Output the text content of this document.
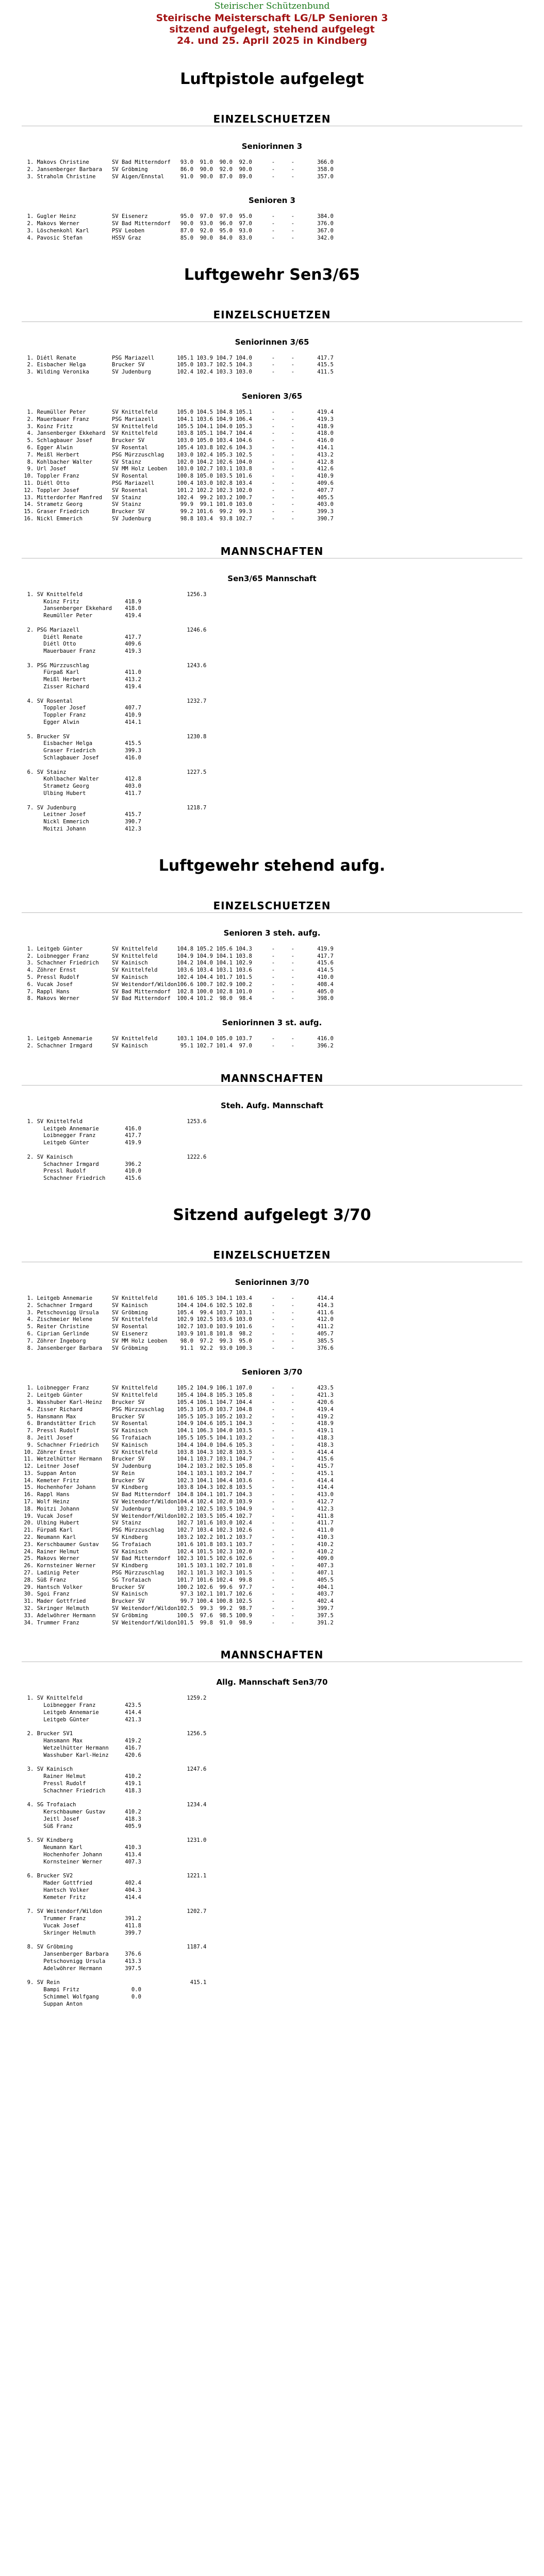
Steirischer Schützenbund
Steirische Meisterschaft LG/LP Senioren 3
sitzend aufgelegt, stehend aufgelegt
24. und 25. April 2025 in Kindberg
Luftpistole aufgelegt
EINZELSCHUETZEN
Seniorinnen 3
1. Makovs Christine       SV Bad Mitterndorf   93.0  91.0  90.0  92.0      -     -       366.0
2. Jansenberger Barbara   SV Gröbming          86.0  90.0  92.0  90.0      -     -       358.0
3. Straholm Christine     SV Aigen/Ennstal     91.0  90.0  87.0  89.0      -     -       357.0
Senioren 3
1. Gugler Heinz           SV Eisenerz          95.0  97.0  97.0  95.0      -     -       384.0
2. Makovs Werner          SV Bad Mitterndorf   90.0  93.0  96.0  97.0      -     -       376.0
3. Löschenkohl Karl       PSV Leoben           87.0  92.0  95.0  93.0      -     -       367.0
4. Pavosic Stefan         HSSV Graz            85.0  90.0  84.0  83.0      -     -       342.0
Luftgewehr Sen3/65
EINZELSCHUETZEN
Seniorinnen 3/65
1. Diétl Renate           PSG Mariazell       105.1 103.9 104.7 104.0      -     -       417.7
2. Eisbacher Helga        Brucker SV          105.0 103.7 102.5 104.3      -     -       415.5
3. Wilding Veronika       SV Judenburg        102.4 102.4 103.3 103.0      -     -       411.5
Senioren 3/65
1. Reumüller Peter        SV Knittelfeld      105.0 104.5 104.8 105.1      -     -       419.4
2. Mauerbauer Franz       PSG Mariazell       104.1 103.6 104.9 106.4      -     -       419.3
3. Koinz Fritz            SV Knittelfeld      105.5 104.1 104.0 105.3      -     -       418.9
4. Jansenberger Ekkehard  SV Knittelfeld      103.8 105.1 104.7 104.4      -     -       418.0
5. Schlagbauer Josef      Brucker SV          103.0 105.0 103.4 104.6      -     -       416.0
6. Egger Alwin            SV Rosental         105.4 103.8 102.6 104.3      -     -       414.1
7. Meißl Herbert          PSG Mürzzuschlag    103.0 102.4 105.3 102.5      -     -       413.2
8. Kohlbacher Walter      SV Stainz           102.0 104.2 102.6 104.0      -     -       412.8
9. Url Josef              SV MM Holz Leoben   103.0 102.7 103.1 103.8      -     -       412.6
10. Toppler Franz          SV Rosental         100.8 105.0 103.5 101.6      -     -       410.9
11. Diétl Otto             PSG Mariazell       100.4 103.0 102.8 103.4      -     -       409.6
12. Toppler Josef          SV Rosental         101.2 102.2 102.3 102.0      -     -       407.7
13. Mitterdorfer Manfred   SV Stainz           102.4  99.2 103.2 100.7      -     -       405.5
14. Strametz Georg         SV Stainz            99.9  99.1 101.0 103.0      -     -       403.0
15. Graser Friedrich       Brucker SV           99.2 101.6  99.2  99.3      -     -       399.3
16. Nickl Emmerich         SV Judenburg         98.8 103.4  93.8 102.7      -     -       390.7
MANNSCHAFTEN
Sen3/65 Mannschaft
1. SV Knittelfeld                                1256.3
Koinz Fritz              418.9
Jansenberger Ekkehard    418.0
Reumüller Peter          419.4
2. PSG Mariazell                                 1246.6
Diétl Renate             417.7
Diétl Otto               409.6
Mauerbauer Franz         419.3
3. PSG Mürzzuschlag                              1243.6
Fürpaß Karl              411.0
Meißl Herbert            413.2
Zisser Richard           419.4
4. SV Rosental                                   1232.7
Toppler Josef            407.7
Toppler Franz            410.9
Egger Alwin              414.1
5. Brucker SV                                    1230.8
Eisbacher Helga          415.5
Graser Friedrich         399.3
Schlagbauer Josef        416.0
6. SV Stainz                                     1227.5
Kohlbacher Walter        412.8
Strametz Georg           403.0
Ulbing Hubert            411.7
7. SV Judenburg                                  1218.7
Leitner Josef            415.7
Nickl Emmerich           390.7
Moitzi Johann            412.3
Luftgewehr stehend aufg.
EINZELSCHUETZEN
Senioren 3 steh. aufg.
1. Leitgeb Günter         SV Knittelfeld      104.8 105.2 105.6 104.3      -     -       419.9
2. Loibnegger Franz       SV Knittelfeld      104.9 104.9 104.1 103.8      -     -       417.7
3. Schachner Friedrich    SV Kainisch         104.2 104.0 104.1 102.9      -     -       415.6
4. Zöhrer Ernst           SV Knittelfeld      103.6 103.4 103.1 103.6      -     -       414.5
5. Pressl Rudolf          SV Kainisch         102.4 104.4 101.7 101.5      -     -       410.0
6. Vucak Josef            SV Weitendorf/Wildon106.6 100.7 102.9 100.2      -     -       408.4
7. Rappl Hans             SV Bad Mitterndorf  102.8 100.0 102.8 101.0      -     -       405.0
8. Makovs Werner          SV Bad Mitterndorf  100.4 101.2  98.0  98.4      -     -       398.0
Seniorinnen 3 st. aufg.
1. Leitgeb Annemarie      SV Knittelfeld      103.1 104.0 105.0 103.7      -     -       416.0
2. Schachner Irmgard      SV Kainisch          95.1 102.7 101.4  97.0      -     -       396.2
MANNSCHAFTEN
Steh. Aufg. Mannschaft
1. SV Knittelfeld                                1253.6
Leitgeb Annemarie        416.0
Loibnegger Franz         417.7
Leitgeb Günter           419.9
2. SV Kainisch                                   1222.6
Schachner Irmgard        396.2
Pressl Rudolf            410.0
Schachner Friedrich      415.6
Sitzend aufgelegt 3/70
EINZELSCHUETZEN
Seniorinnen 3/70
1. Leitgeb Annemarie      SV Knittelfeld      101.6 105.3 104.1 103.4      -     -       414.4
2. Schachner Irmgard      SV Kainisch         104.4 104.6 102.5 102.8      -     -       414.3
3. Petschovnigg Ursula    SV Gröbming         105.4  99.4 103.7 103.1      -     -       411.6
4. Zischmeier Helene      SV Knittelfeld      102.9 102.5 103.6 103.0      -     -       412.0
5. Reiter Christine       SV Rosental         102.7 103.0 103.9 101.6      -     -       411.2
6. Ciprian Gerlinde       SV Eisenerz         103.9 101.8 101.8  98.2      -     -       405.7
7. Zöhrer Ingeborg        SV MM Holz Leoben    98.0  97.2  99.3  95.0      -     -       385.5
8. Jansenberger Barbara   SV Gröbming          91.1  92.2  93.0 100.3      -     -       376.6
Senioren 3/70
1. Loibnegger Franz       SV Knittelfeld      105.2 104.9 106.1 107.0      -     -       423.5
2. Leitgeb Günter         SV Knittelfeld      105.4 104.8 105.3 105.8      -     -       421.3
3. Wasshuber Karl-Heinz   Brucker SV          105.4 106.1 104.7 104.4      -     -       420.6
4. Zisser Richard         PSG Mürzzuschlag    105.3 105.0 103.7 104.8      -     -       419.4
5. Hansmann Max           Brucker SV          105.5 105.3 105.2 103.2      -     -       419.2
6. Brandstätter Erich     SV Rosental         104.9 104.6 105.1 104.3      -     -       418.9
7. Pressl Rudolf          SV Kainisch         104.1 106.3 104.0 103.5      -     -       419.1
8. Jeitl Josef            SG Trofaiach        105.5 105.5 104.1 103.2      -     -       418.3
9. Schachner Friedrich    SV Kainisch         104.4 104.0 104.6 105.3      -     -       418.3
10. Zöhrer Ernst           SV Knittelfeld      103.8 104.3 102.8 103.5      -     -       414.4
11. Wetzelhütter Hermann   Brucker SV          104.1 103.7 103.1 104.7      -     -       415.6
12. Leitner Josef          SV Judenburg        104.2 103.2 102.5 105.8      -     -       415.7
13. Suppan Anton           SV Rein             104.1 103.1 103.2 104.7      -     -       415.1
14. Kemeter Fritz          Brucker SV          102.3 104.1 104.4 103.6      -     -       414.4
15. Hochenhofer Johann     SV Kindberg         103.8 104.3 102.8 103.5      -     -       414.4
16. Rappl Hans             SV Bad Mitterndorf  104.8 104.1 101.7 104.3      -     -       413.0
17. Wolf Heinz             SV Weitendorf/Wildon104.4 102.4 102.0 103.9      -     -       412.7
18. Moitzi Johann          SV Judenburg        103.2 102.5 103.5 104.9      -     -       412.3
19. Vucak Josef            SV Weitendorf/Wildon102.2 103.5 105.4 102.7      -     -       411.8
20. Ulbing Hubert          SV Stainz           102.7 101.6 103.0 102.4      -     -       411.7
21. Fürpaß Karl            PSG Mürzzuschlag    102.7 103.4 102.3 102.6      -     -       411.0
22. Neumann Karl           SV Kindberg         103.2 102.2 101.2 103.7      -     -       410.3
23. Kerschbaumer Gustav    SG Trofaiach        101.6 101.8 103.1 103.7      -     -       410.2
24. Rainer Helmut          SV Kainisch         102.4 101.5 102.3 102.0      -     -       410.2
25. Makovs Werner          SV Bad Mitterndorf  102.3 101.5 102.6 102.6      -     -       409.0
26. Kornsteiner Werner     SV Kindberg         101.5 103.1 102.7 101.8      -     -       407.3
27. Ladinig Peter          PSG Mürzzuschlag    102.1 101.3 102.3 101.5      -     -       407.1
28. Süß Franz              SG Trofaiach        101.7 101.6 102.4  99.8      -     -       405.5
29. Hantsch Volker         Brucker SV          100.2 102.6  99.6  97.7      -     -       404.1
30. Sgoi Franz             SV Kainisch          97.3 102.1 101.7 102.6      -     -       403.7
31. Mader Gottfried        Brucker SV           99.7 100.4 100.8 102.5      -     -       402.4
32. Skringer Helmuth       SV Weitendorf/Wildon102.5  99.3  99.2  98.7      -     -       399.7
33. Adelwöhrer Hermann     SV Gröbming         100.5  97.6  98.5 100.9      -     -       397.5
34. Trummer Franz          SV Weitendorf/Wildon101.5  99.8  91.0  98.9      -     -       391.2
MANNSCHAFTEN
Allg. Mannschaft Sen3/70
1. SV Knittelfeld                                1259.2
Loibnegger Franz         423.5
Leitgeb Annemarie        414.4
Leitgeb Günter           421.3
2. Brucker SV1                                   1256.5
Hansmann Max             419.2
Wetzelhütter Hermann     416.7
Wasshuber Karl-Heinz     420.6
3. SV Kainisch                                   1247.6
Rainer Helmut            410.2
Pressl Rudolf            419.1
Schachner Friedrich      418.3
4. SG Trofaiach                                  1234.4
Kerschbaumer Gustav      410.2
Jeitl Josef              418.3
Süß Franz                405.9
5. SV Kindberg                                   1231.0
Neumann Karl             410.3
Hochenhofer Johann       413.4
Kornsteiner Werner       407.3
6. Brucker SV2                                   1221.1
Mader Gottfried          402.4
Hantsch Volker           404.3
Kemeter Fritz            414.4
7. SV Weitendorf/Wildon                          1202.7
Trummer Franz            391.2
Vucak Josef              411.8
Skringer Helmuth         399.7
8. SV Gröbming                                   1187.4
Jansenberger Barbara     376.6
Petschovnigg Ursula      413.3
Adelwöhrer Hermann       397.5
9. SV Rein                                        415.1
Bampi Fritz                0.0
Schimmel Wolfgang          0.0
Suppan Anton
